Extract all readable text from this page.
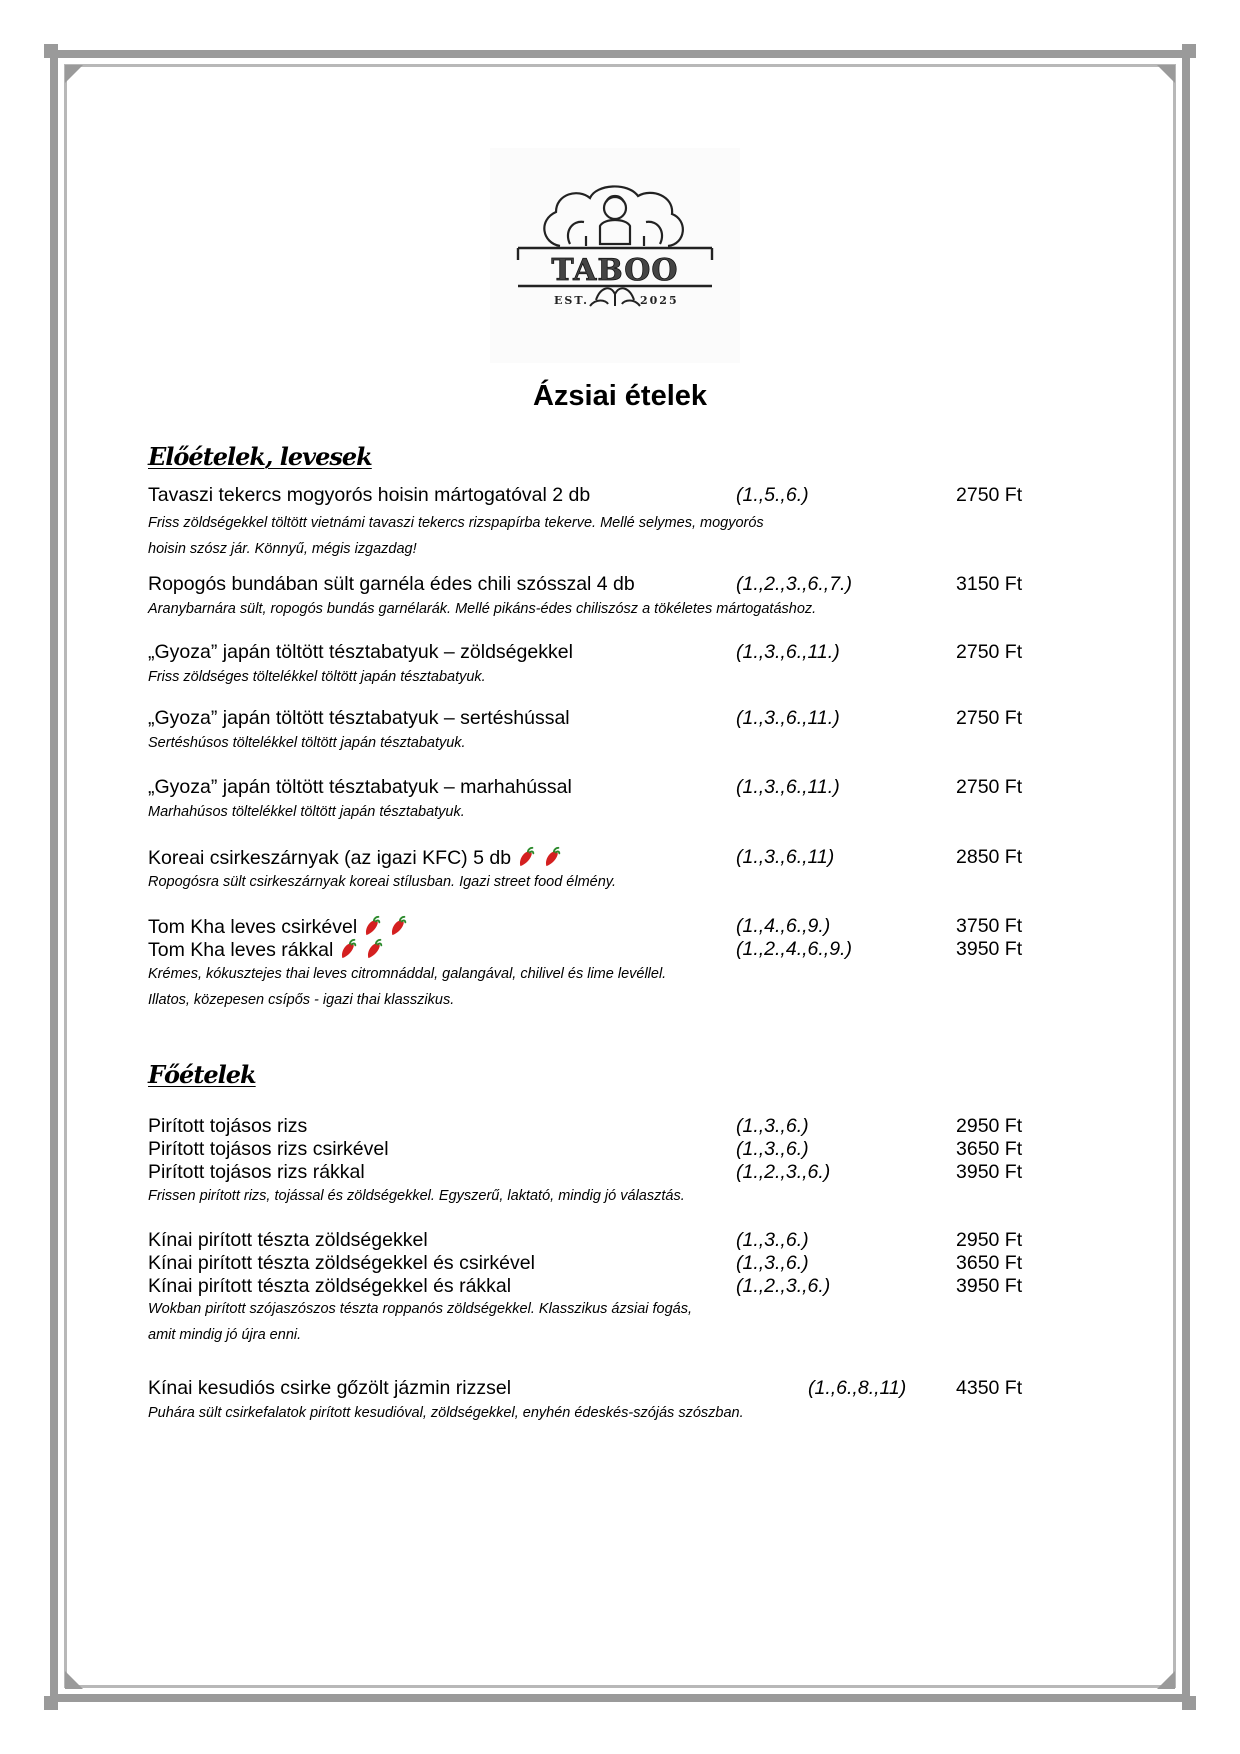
TABOO
EST.	2025
Ázsiai ételek
Előételek, levesek
Tavaszi tekercs mogyorós hoisin mártogatóval 2 db	(1.,5.,6.)	2750 Ft
Friss zöldségekkel töltött vietnámi tavaszi tekercs rizspapírba tekerve. Mellé selymes, mogyorós
hoisin szósz jár. Könnyű, mégis izgazdag!
Ropogós bundában sült garnéla édes chili szósszal 4 db	(1.,2.,3.,6.,7.)	3150 Ft
Aranybarnára sült, ropogós bundás garnélarák. Mellé pikáns-édes chiliszósz a tökéletes mártogatáshoz.
„Gyoza” japán töltött tésztabatyuk – zöldségekkel	(1.,3.,6.,11.)	2750 Ft
Friss zöldséges töltelékkel töltött japán tésztabatyuk.
„Gyoza” japán töltött tésztabatyuk – sertéshússal	(1.,3.,6.,11.)	2750 Ft
Sertéshúsos töltelékkel töltött japán tésztabatyuk.
„Gyoza” japán töltött tésztabatyuk – marhahússal	(1.,3.,6.,11.)	2750 Ft
Marhahúsos töltelékkel töltött japán tésztabatyuk.
Koreai csirkeszárnyak (az igazi KFC) 5 db	(1.,3.,6.,11)	2850 Ft
Ropogósra sült csirkeszárnyak koreai stílusban. Igazi street food élmény.
Tom Kha leves csirkével	(1.,4.,6.,9.)	3750 Ft
Tom Kha leves rákkal	(1.,2.,4.,6.,9.)	3950 Ft
Krémes, kókusztejes thai leves citromnáddal, galangával, chilivel és lime levéllel.
Illatos, közepesen csípős - igazi thai klasszikus.
Főételek
Pirított tojásos rizs	(1.,3.,6.)	2950 Ft
Pirított tojásos rizs csirkével	(1.,3.,6.)	3650 Ft
Pirított tojásos rizs rákkal	(1.,2.,3.,6.)	3950 Ft
Frissen pirított rizs, tojással és zöldségekkel. Egyszerű, laktató, mindig jó választás.
Kínai pirított tészta zöldségekkel	(1.,3.,6.)	2950 Ft
Kínai pirított tészta zöldségekkel és csirkével	(1.,3.,6.)	3650 Ft
Kínai pirított tészta zöldségekkel és rákkal	(1.,2.,3.,6.)	3950 Ft
Wokban pirított szójaszószos tészta roppanós zöldségekkel. Klasszikus ázsiai fogás,
amit mindig jó újra enni.
Kínai kesudiós csirke gőzölt jázmin rizzsel	(1.,6.,8.,11)	4350 Ft
Puhára sült csirkefalatok pirított kesudióval, zöldségekkel, enyhén édeskés-szójás szószban.
